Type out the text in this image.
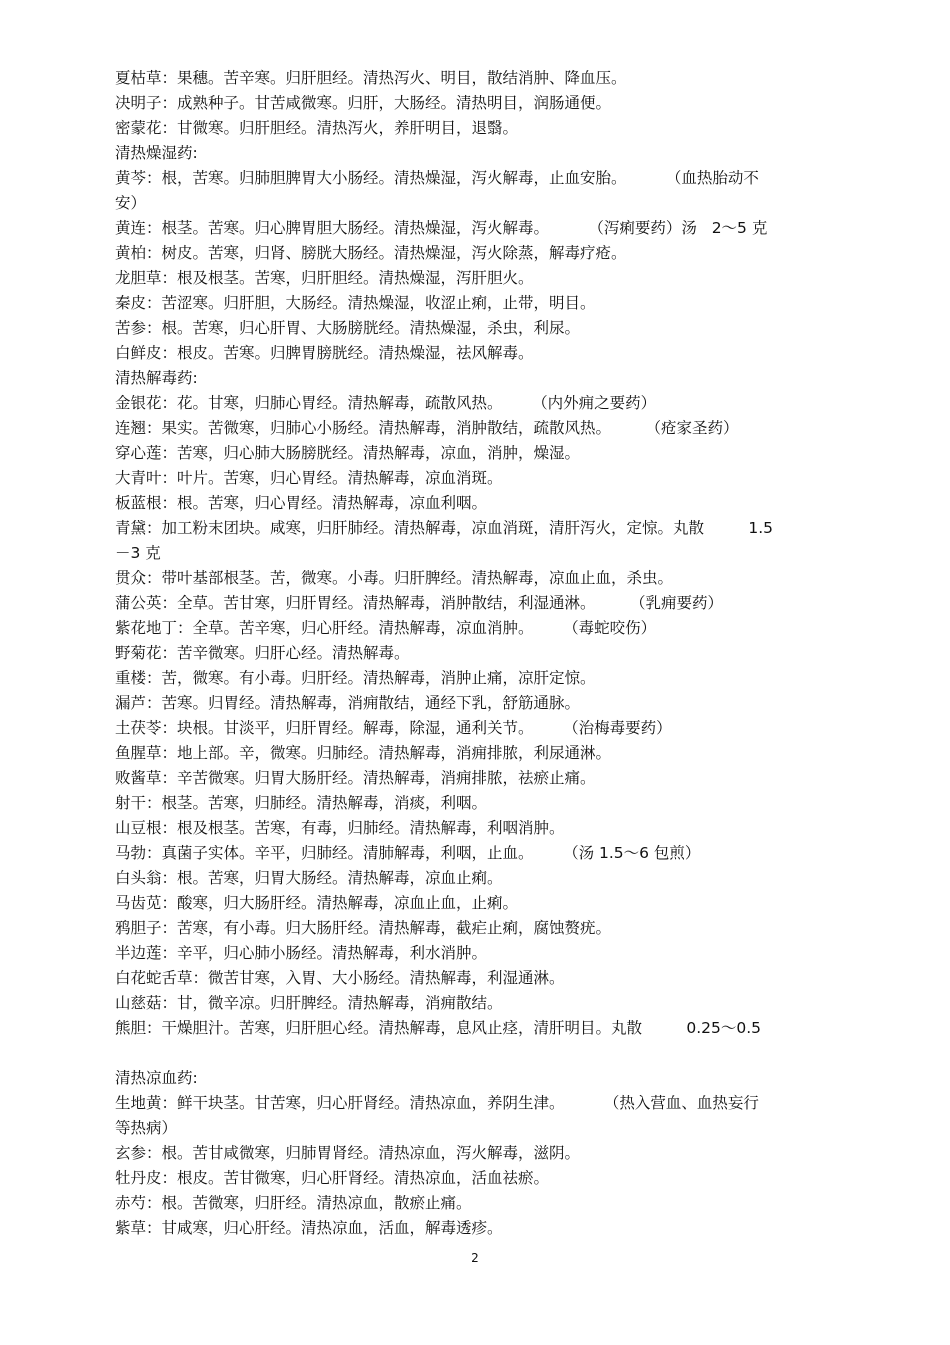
夏枯草：果穗。苦辛寒。归肝胆经。清热泻火、明目，散结消肿、降血压。
决明子：成熟种子。甘苦咸微寒。归肝，大肠经。清热明目，润肠通便。
密蒙花：甘微寒。归肝胆经。清热泻火，养肝明目，退翳。
清热燥湿药:
黄芩：根，苦寒。归肺胆脾胃大小肠经。清热燥湿，泻火解毒，止血安胎。        （血热胎动不
安）
黄连：根茎。苦寒。归心脾胃胆大肠经。清热燥湿，泻火解毒。        （泻痢要药）汤   2～5 克
黄柏：树皮。苦寒，归肾、膀胱大肠经。清热燥湿，泻火除蒸，解毒疗疮。
龙胆草：根及根茎。苦寒，归肝胆经。清热燥湿，泻肝胆火。
秦皮：苦涩寒。归肝胆，大肠经。清热燥湿，收涩止痢，止带，明目。
苦参：根。苦寒，归心肝胃、大肠膀胱经。清热燥湿，杀虫，利尿。
白鲜皮：根皮。苦寒。归脾胃膀胱经。清热燥湿，祛风解毒。
清热解毒药:
金银花：花。甘寒，归肺心胃经。清热解毒，疏散风热。      （内外痈之要药）
连翘：果实。苦微寒，归肺心小肠经。清热解毒，消肿散结，疏散风热。       （疮家圣药）
穿心莲：苦寒，归心肺大肠膀胱经。清热解毒，凉血，消肿，燥湿。
大青叶：叶片。苦寒，归心胃经。清热解毒，凉血消斑。
板蓝根：根。苦寒，归心胃经。清热解毒，凉血利咽。
青黛：加工粉末团块。咸寒，归肝肺经。清热解毒，凉血消斑，清肝泻火，定惊。丸散         1.5
－3 克
贯众：带叶基部根茎。苦，微寒。小毒。归肝脾经。清热解毒，凉血止血，杀虫。
蒲公英：全草。苦甘寒，归肝胃经。清热解毒，消肿散结，利湿通淋。       （乳痈要药）
紫花地丁：全草。苦辛寒，归心肝经。清热解毒，凉血消肿。      （毒蛇咬伤）
野菊花：苦辛微寒。归肝心经。清热解毒。
重楼：苦，微寒。有小毒。归肝经。清热解毒，消肿止痛，凉肝定惊。
漏芦：苦寒。归胃经。清热解毒，消痈散结，通经下乳，舒筋通脉。
土茯苓：块根。甘淡平，归肝胃经。解毒，除湿，通利关节。      （治梅毒要药）
鱼腥草：地上部。辛，微寒。归肺经。清热解毒，消痈排脓，利尿通淋。
败酱草：辛苦微寒。归胃大肠肝经。清热解毒，消痈排脓，祛瘀止痛。
射干：根茎。苦寒，归肺经。清热解毒，消痰，利咽。
山豆根：根及根茎。苦寒，有毒，归肺经。清热解毒，利咽消肿。
马勃：真菌子实体。辛平，归肺经。清肺解毒，利咽，止血。      （汤 1.5～6 包煎）
白头翁：根。苦寒，归胃大肠经。清热解毒，凉血止痢。
马齿苋：酸寒，归大肠肝经。清热解毒，凉血止血，止痢。
鸦胆子：苦寒，有小毒。归大肠肝经。清热解毒，截疟止痢，腐蚀赘疣。
半边莲：辛平，归心肺小肠经。清热解毒，利水消肿。
白花蛇舌草：微苦甘寒，入胃、大小肠经。清热解毒，利湿通淋。
山慈菇：甘，微辛凉。归肝脾经。清热解毒，消痈散结。
熊胆：干燥胆汁。苦寒，归肝胆心经。清热解毒，息风止痉，清肝明目。丸散         0.25～0.5
清热凉血药:
生地黄：鲜干块茎。甘苦寒，归心肝肾经。清热凉血，养阴生津。        （热入营血、血热妄行
等热病）
玄参：根。苦甘咸微寒，归肺胃肾经。清热凉血，泻火解毒，滋阴。
牡丹皮：根皮。苦甘微寒，归心肝肾经。清热凉血，活血祛瘀。
赤芍：根。苦微寒，归肝经。清热凉血，散瘀止痛。
紫草：甘咸寒，归心肝经。清热凉血，活血，解毒透疹。
2
